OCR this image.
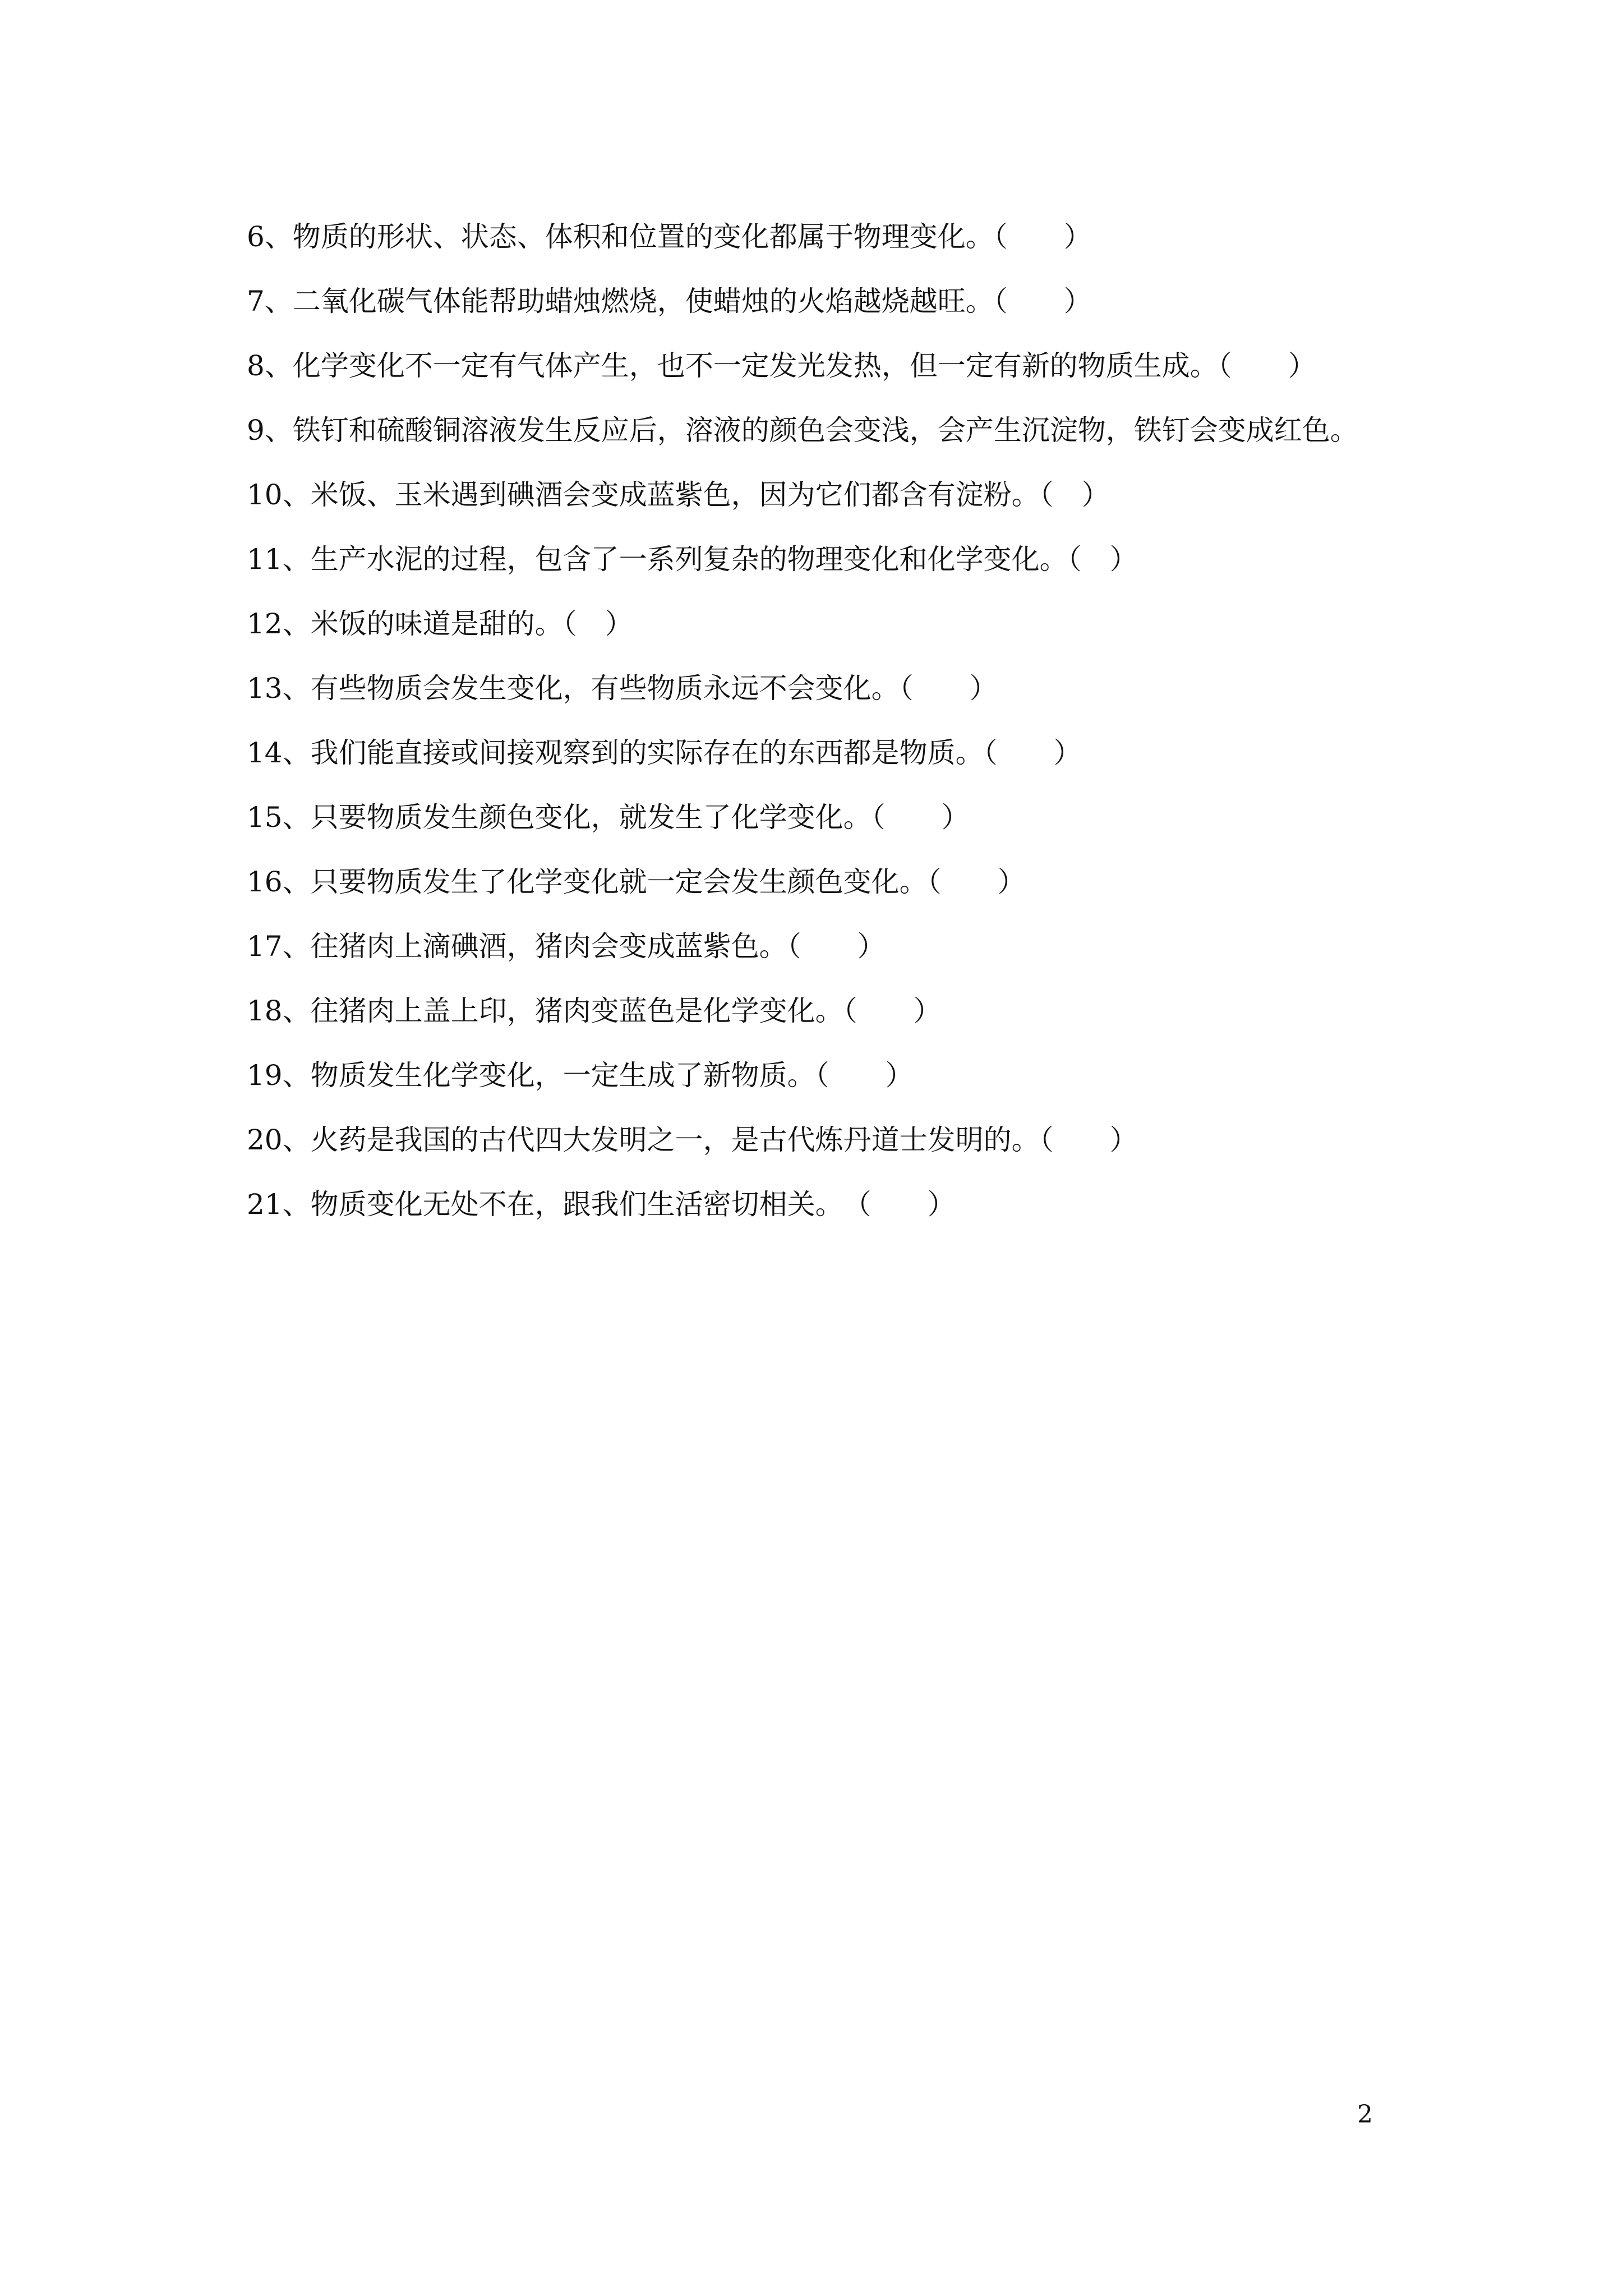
6、物质的形状、状态、体积和位置的变化都属于物理变化。（　　）
7、二氧化碳气体能帮助蜡烛燃烧，使蜡烛的火焰越烧越旺。（　　）
8、化学变化不一定有气体产生，也不一定发光发热，但一定有新的物质生成。（　　）
9、铁钉和硫酸铜溶液发生反应后，溶液的颜色会变浅，会产生沉淀物，铁钉会变成红色。
10、米饭、玉米遇到碘酒会变成蓝紫色，因为它们都含有淀粉。（　）
11、生产水泥的过程，包含了一系列复杂的物理变化和化学变化。（　）
12、米饭的味道是甜的。（　）
13、有些物质会发生变化，有些物质永远不会变化。（　　）
14、我们能直接或间接观察到的实际存在的东西都是物质。（　　）
15、只要物质发生颜色变化，就发生了化学变化。（　　）
16、只要物质发生了化学变化就一定会发生颜色变化。（　　）
17、往猪肉上滴碘酒，猪肉会变成蓝紫色。（　　）
18、往猪肉上盖上印，猪肉变蓝色是化学变化。（　　）
19、物质发生化学变化，一定生成了新物质。（　　）
20、火药是我国的古代四大发明之一，是古代炼丹道士发明的。（　　）
21、物质变化无处不在，跟我们生活密切相关。　（　　）
2
